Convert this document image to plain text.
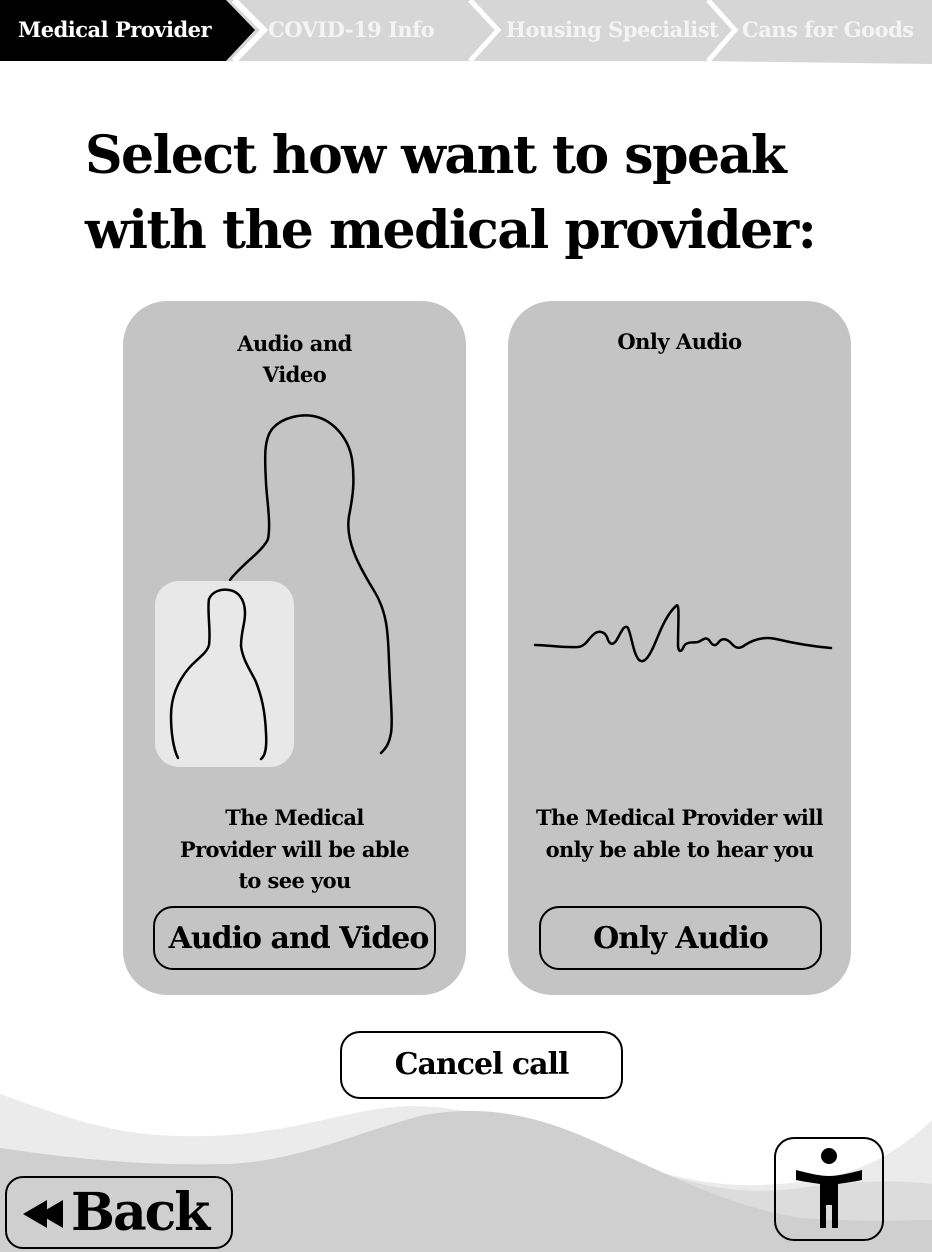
Medical Provider	COVID-19 Info	Housing Specialist Cans for Goods
Select how want to speak
with the medical provider:
Audio and
Video
The Medical
Provider will be able
to see you
Audio and Video
Only Audio
The Medical Provider will
only be able to hear you
Only Audio
Cancel call
Back
